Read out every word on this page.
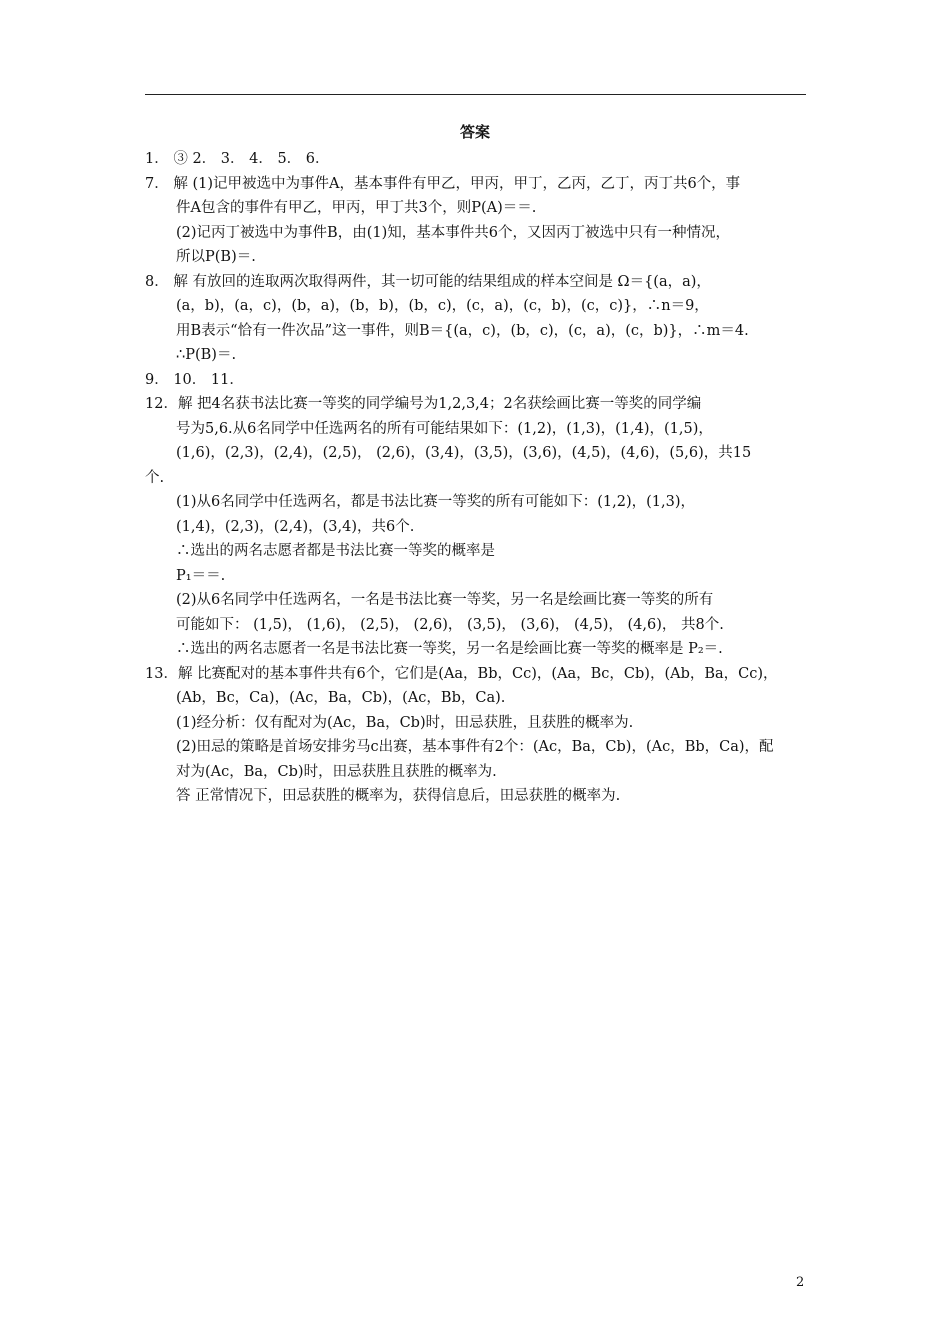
答案
1． ③ 2． 3． 4． 5． 6．
7． 解 (1)记甲被选中为事件A，基本事件有甲乙，甲丙，甲丁，乙丙，乙丁，丙丁共6个，事
件A包含的事件有甲乙，甲丙，甲丁共3个，则P(A)＝＝.
(2)记丙丁被选中为事件B，由(1)知，基本事件共6个，又因丙丁被选中只有一种情况，
所以P(B)＝.
8． 解 有放回的连取两次取得两件，其一切可能的结果组成的样本空间是 Ω＝{(a，a)，
(a，b)，(a，c)，(b，a)，(b，b)，(b，c)，(c，a)，(c，b)，(c，c)}，∴n＝9，
用B表示“恰有一件次品”这一事件，则B＝{(a，c)，(b，c)，(c，a)，(c，b)}，∴m＝4.
∴P(B)＝.
9． 10． 11．
12．解 把4名获书法比赛一等奖的同学编号为1,2,3,4；2名获绘画比赛一等奖的同学编
号为5,6.从6名同学中任选两名的所有可能结果如下：(1,2)，(1,3)，(1,4)，(1,5)，
(1,6)，(2,3)，(2,4)，(2,5)， (2,6)，(3,4)，(3,5)，(3,6)，(4,5)，(4,6)，(5,6)，共15
个.
(1)从6名同学中任选两名，都是书法比赛一等奖的所有可能如下：(1,2)，(1,3)，
(1,4)，(2,3)，(2,4)，(3,4)，共6个.
∴选出的两名志愿者都是书法比赛一等奖的概率是
P₁＝＝.
(2)从6名同学中任选两名，一名是书法比赛一等奖，另一名是绘画比赛一等奖的所有
可能如下： (1,5)， (1,6)， (2,5)， (2,6)， (3,5)， (3,6)， (4,5)， (4,6)， 共8个.
∴选出的两名志愿者一名是书法比赛一等奖，另一名是绘画比赛一等奖的概率是 P₂＝.
13．解 比赛配对的基本事件共有6个，它们是(Aa，Bb，Cc)，(Aa，Bc，Cb)，(Ab，Ba，Cc)，
(Ab，Bc，Ca)，(Ac，Ba，Cb)，(Ac，Bb，Ca).
(1)经分析：仅有配对为(Ac，Ba，Cb)时，田忌获胜，且获胜的概率为.
(2)田忌的策略是首场安排劣马c出赛，基本事件有2个：(Ac，Ba，Cb)，(Ac，Bb，Ca)，配
对为(Ac，Ba，Cb)时，田忌获胜且获胜的概率为.
答 正常情况下，田忌获胜的概率为，获得信息后，田忌获胜的概率为.
2
